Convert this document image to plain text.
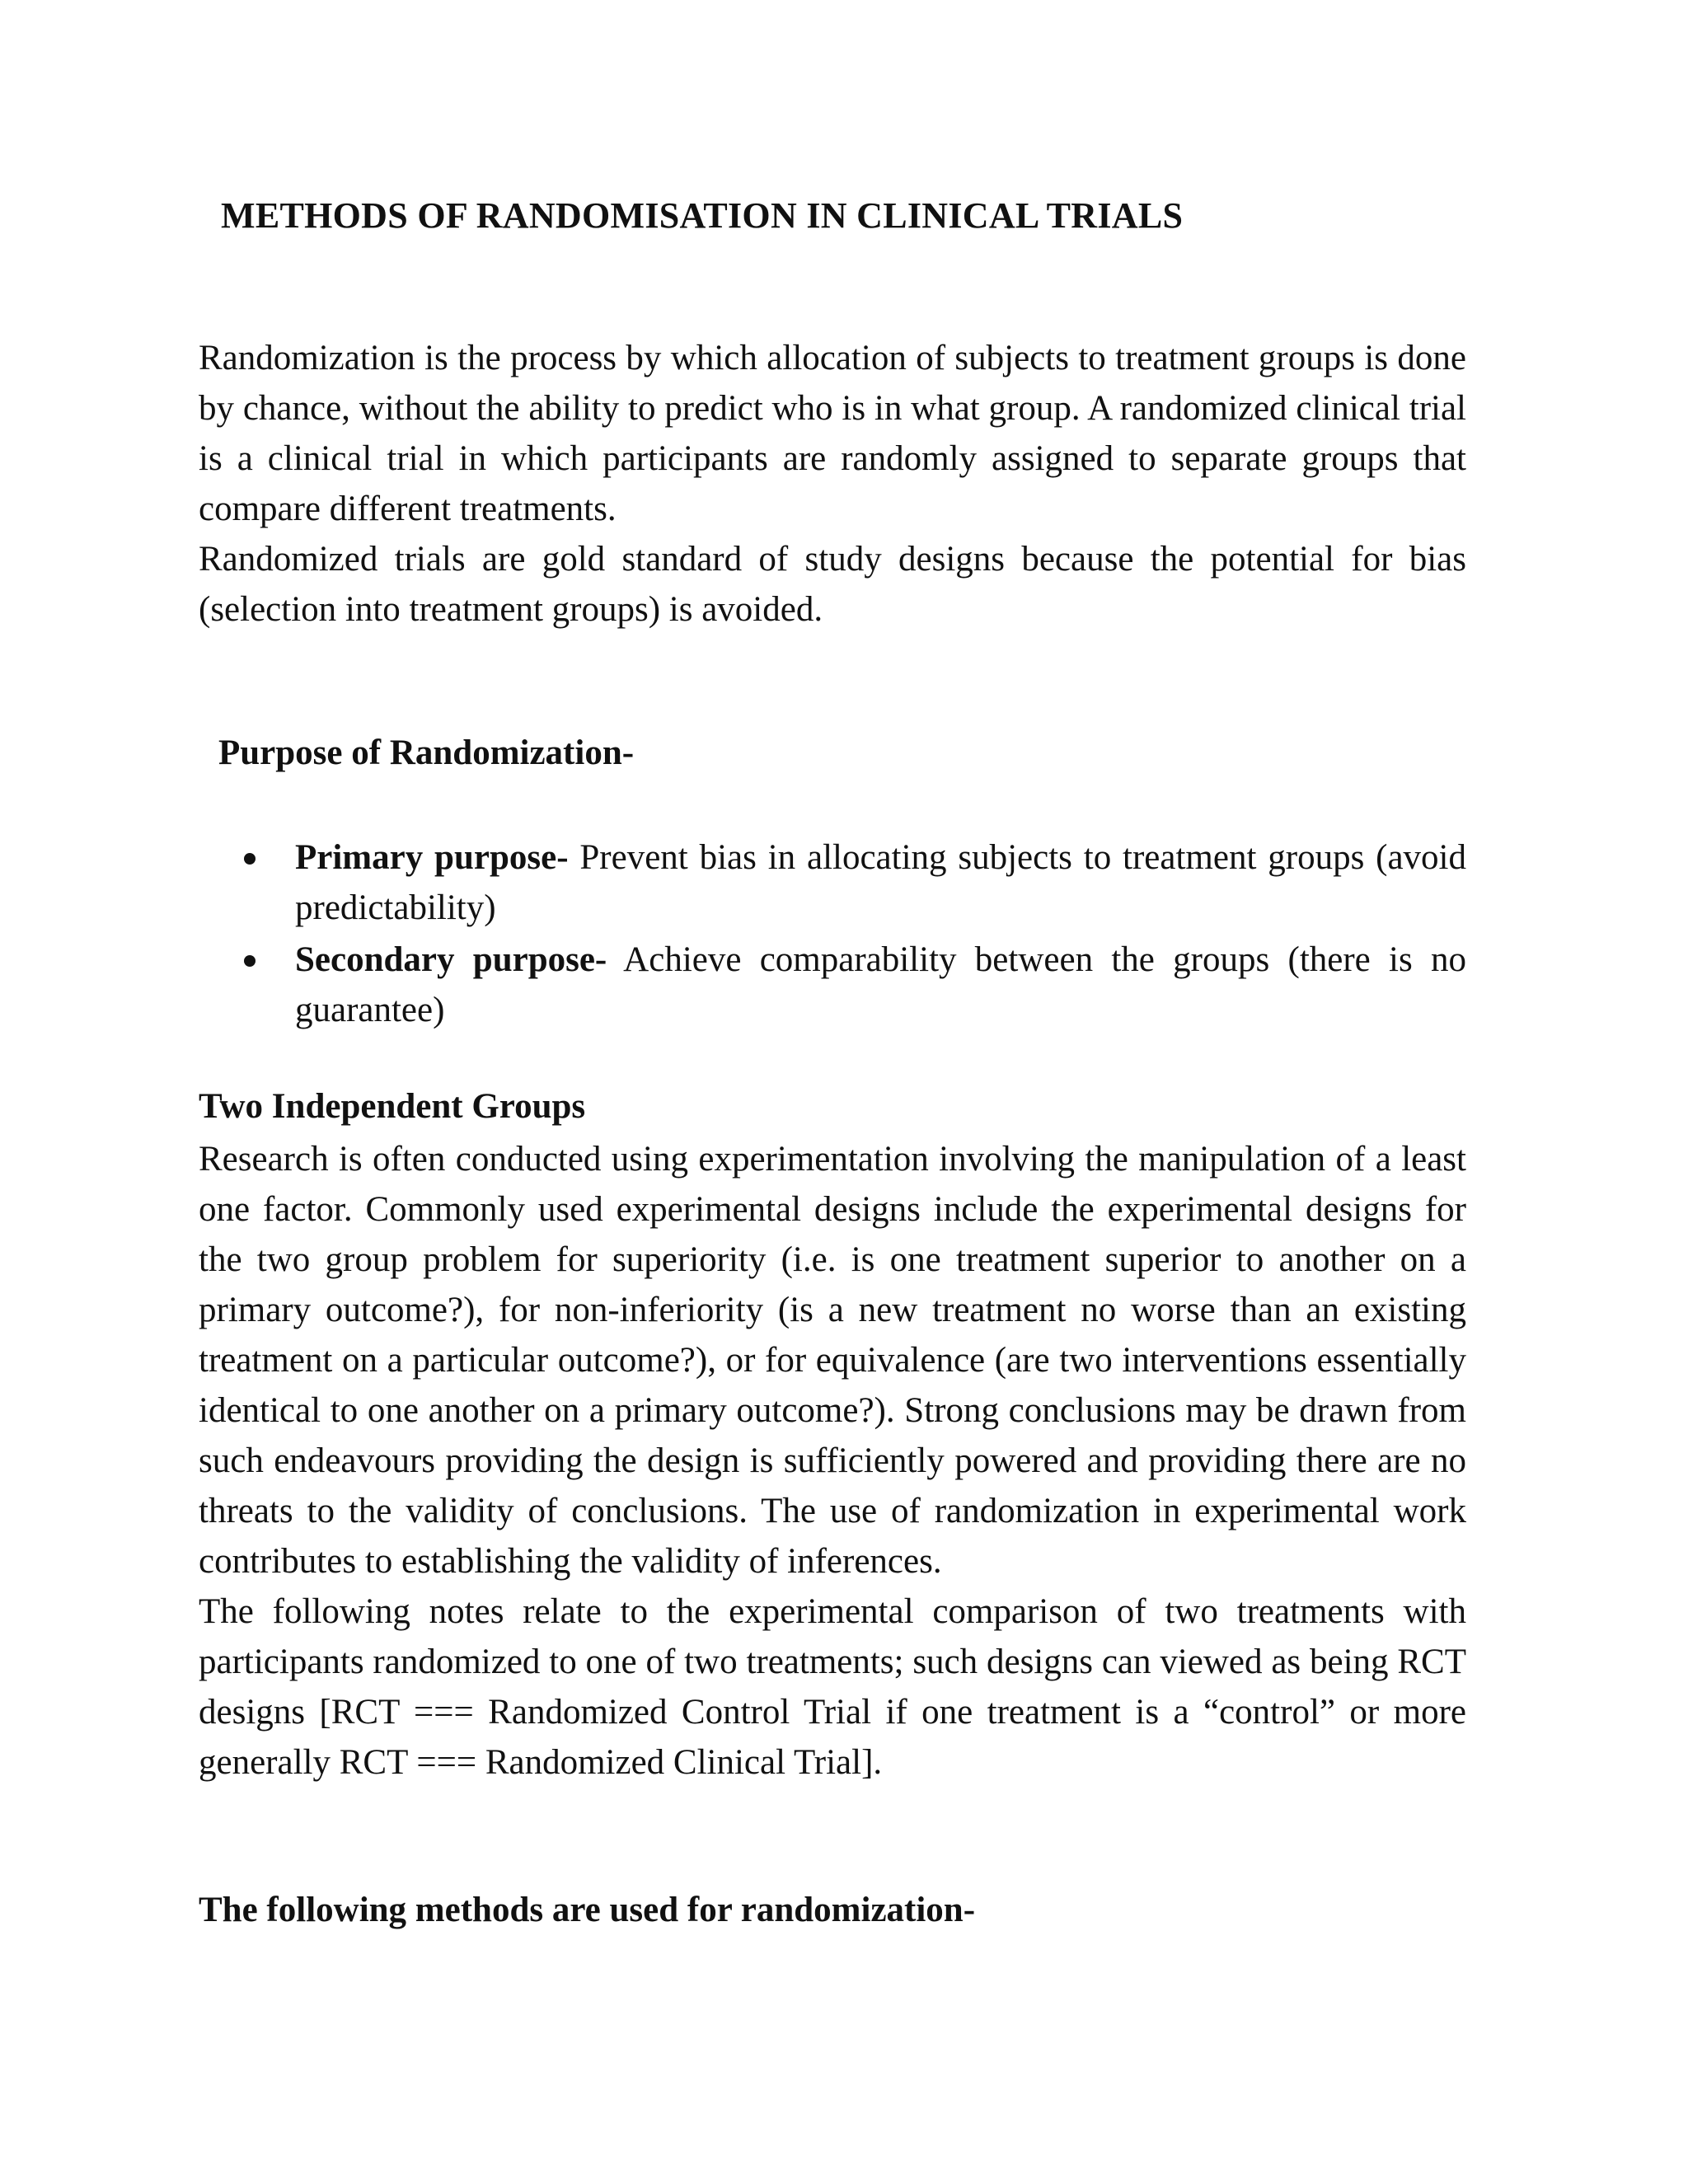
METHODS OF RANDOMISATION IN CLINICAL TRIALS

Randomization is the process by which allocation of subjects to treatment groups is done by chance, without the ability to predict who is in what group. A randomized clinical trial is a clinical trial in which participants are randomly assigned to separate groups that compare different treatments.

Randomized trials are gold standard of study designs because the potential for bias (selection into treatment groups) is avoided.

Purpose of Randomization-
Primary purpose- Prevent bias in allocating subjects to treatment groups (avoid predictability)
Secondary purpose- Achieve comparability between the groups (there is no guarantee)
Two Independent Groups

Research is often conducted using experimentation involving the manipulation of a least one factor. Commonly used experimental designs include the experimental designs for the two group problem for superiority (i.e. is one treatment superior to another on a primary outcome?), for non-inferiority (is a new treatment no worse than an existing treatment on a particular outcome?), or for equivalence (are two interventions essentially identical to one another on a primary outcome?). Strong conclusions may be drawn from such endeavours providing the design is sufficiently powered and providing there are no threats to the validity of conclusions. The use of randomization in experimental work contributes to establishing the validity of inferences.

The following notes relate to the experimental comparison of two treatments with participants randomized to one of two treatments; such designs can viewed as being RCT designs [RCT === Randomized Control Trial if one treatment is a “control” or more generally RCT === Randomized Clinical Trial].

The following methods are used for randomization-
